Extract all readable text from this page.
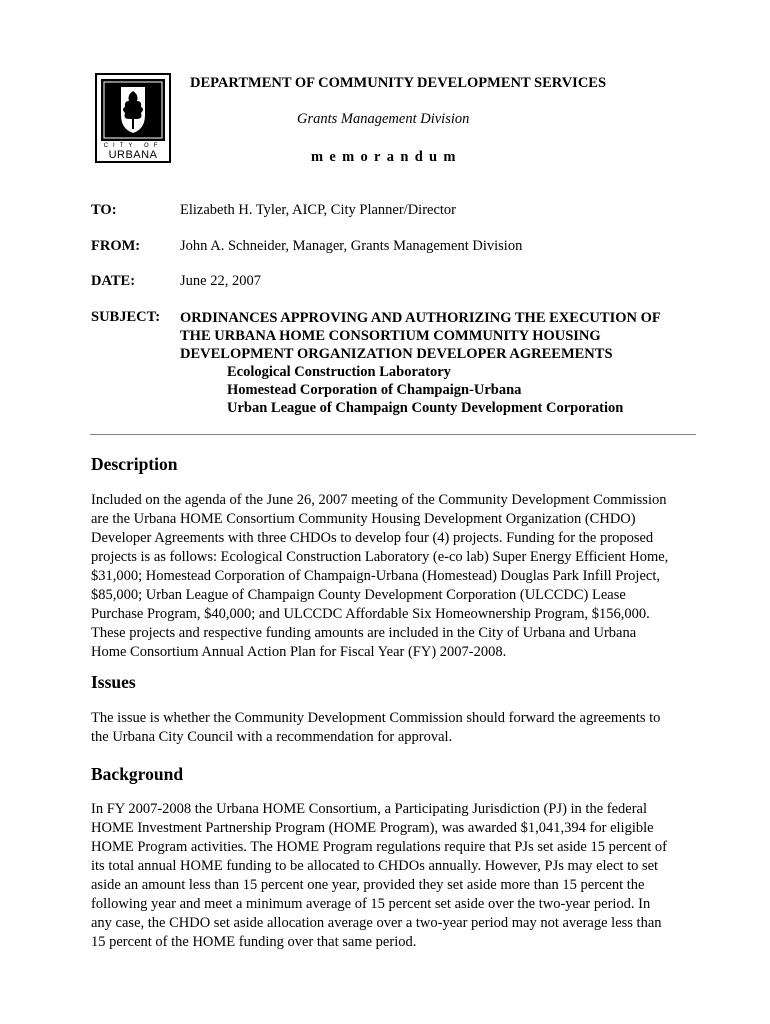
CITY OF
URBANA
DEPARTMENT OF COMMUNITY DEVELOPMENT SERVICES
Grants Management Division
memorandum
TO:	Elizabeth H. Tyler, AICP, City Planner/Director
FROM:	John A. Schneider, Manager, Grants Management Division
DATE:	June 22, 2007
SUBJECT: ORDINANCES APPROVING AND AUTHORIZING THE EXECUTION OF
THE URBANA HOME CONSORTIUM COMMUNITY HOUSING
DEVELOPMENT ORGANIZATION DEVELOPER AGREEMENTS
Ecological Construction Laboratory
Homestead Corporation of Champaign-Urbana
Urban League of Champaign County Development Corporation
Description
Included on the agenda of the June 26, 2007 meeting of the Community Development Commission
are the Urbana HOME Consortium Community Housing Development Organization (CHDO)
Developer Agreements with three CHDOs to develop four (4) projects. Funding for the proposed
projects is as follows: Ecological Construction Laboratory (e-co lab) Super Energy Efficient Home,
$31,000; Homestead Corporation of Champaign-Urbana (Homestead) Douglas Park Infill Project,
$85,000; Urban League of Champaign County Development Corporation (ULCCDC) Lease
Purchase Program, $40,000; and ULCCDC Affordable Six Homeownership Program, $156,000.
These projects and respective funding amounts are included in the City of Urbana and Urbana
Home Consortium Annual Action Plan for Fiscal Year (FY) 2007-2008.
Issues
The issue is whether the Community Development Commission should forward the agreements to
the Urbana City Council with a recommendation for approval.
Background
In FY 2007-2008 the Urbana HOME Consortium, a Participating Jurisdiction (PJ) in the federal
HOME Investment Partnership Program (HOME Program), was awarded $1,041,394 for eligible
HOME Program activities. The HOME Program regulations require that PJs set aside 15 percent of
its total annual HOME funding to be allocated to CHDOs annually. However, PJs may elect to set
aside an amount less than 15 percent one year, provided they set aside more than 15 percent the
following year and meet a minimum average of 15 percent set aside over the two-year period. In
any case, the CHDO set aside allocation average over a two-year period may not average less than
15 percent of the HOME funding over that same period.
